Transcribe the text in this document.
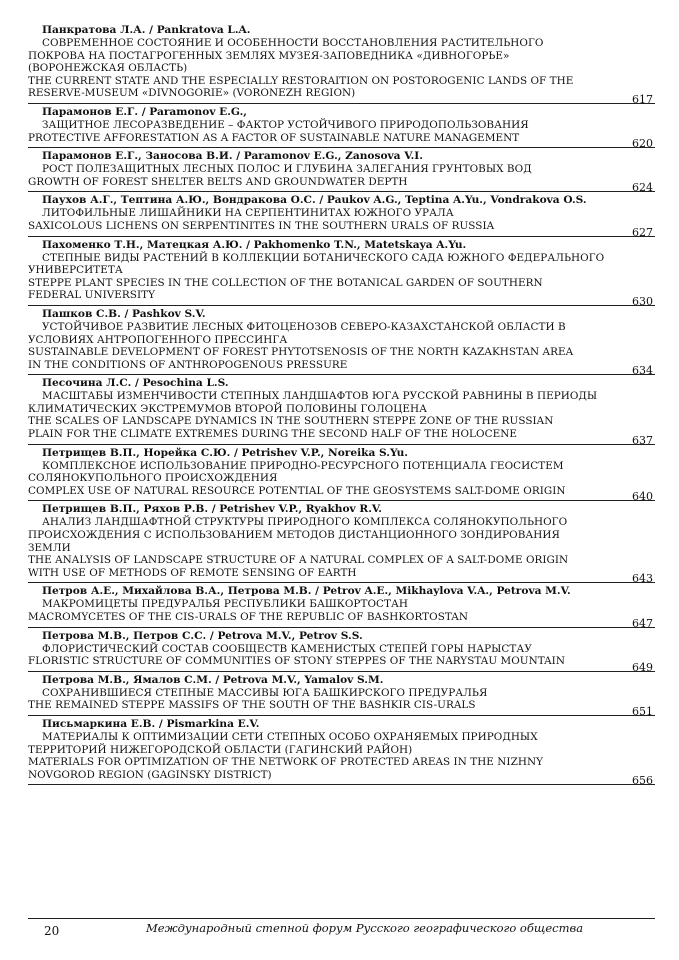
Панкратова Л.А. / Pankratova L.A.
СОВРЕМЕННОЕ СОСТОЯНИЕ И ОСОБЕННОСТИ ВОССТАНОВЛЕНИЯ РАСТИТЕЛЬНОГО
ПОКРОВА НА ПОСТАГРОГЕННЫХ ЗЕМЛЯХ МУЗЕЯ-ЗАПОВЕДНИКА «ДИВНОГОРЬЕ»
(ВОРОНЕЖСКАЯ ОБЛАСТЬ)
THE CURRENT STATE AND THE ESPECIALLY RESTORAITION ON POSTOROGENIC LANDS OF THE
RESERVE-MUSEUM «DIVNOGORIE» (VORONEZH REGION)	617
Парамонов Е.Г. / Paramonov E.G.,
ЗАЩИТНОЕ ЛЕСОРАЗВЕДЕНИЕ – ФАКТОР УСТОЙЧИВОГО ПРИРОДОПОЛЬЗОВАНИЯ
PROTECTIVE AFFORESTATION AS A FACTOR OF SUSTAINABLE NATURE MANAGEMENT	620
Парамонов Е.Г., Заносова В.И. / Paramonov E.G., Zanosova V.I.
РОСТ ПОЛЕЗАЩИТНЫХ ЛЕСНЫХ ПОЛОС И ГЛУБИНА ЗАЛЕГАНИЯ ГРУНТОВЫХ ВОД
GROWTH OF FOREST SHELTER BELTS AND GROUNDWATER DEPTH	624
Паухов А.Г., Тептина А.Ю., Вондракова О.С. / Paukov A.G., Teptina A.Yu., Vondrakova O.S.
ЛИТОФИЛЬНЫЕ ЛИШАЙНИКИ НА СЕРПЕНТИНИТАХ ЮЖНОГО УРАЛА
SAXICOLOUS LICHENS ON SERPENTINITES IN THE SOUTHERN URALS OF RUSSIA	627
Пахоменко Т.Н., Матецкая А.Ю. / Pakhomenko T.N., Matetskaya A.Yu.
СТЕПНЫЕ ВИДЫ РАСТЕНИЙ В КОЛЛЕКЦИИ БОТАНИЧЕСКОГО САДА ЮЖНОГО ФЕДЕРАЛЬНОГО
УНИВЕРСИТЕТА
STEPPE PLANT SPECIES IN THE COLLECTION OF THE BOTANICAL GARDEN OF SOUTHERN
FEDERAL UNIVERSITY	630
Пашков С.В. / Pashkov S.V.
УСТОЙЧИВОЕ РАЗВИТИЕ ЛЕСНЫХ ФИТОЦЕНОЗОВ СЕВЕРО-КАЗАХСТАНСКОЙ ОБЛАСТИ В
УСЛОВИЯХ АНТРОПОГЕННОГО ПРЕССИНГА
SUSTAINABLE DEVELOPMENT OF FOREST PHYTOTSENOSIS OF THE NORTH KAZAKHSTAN AREA
IN THE CONDITIONS OF ANTHROPOGENOUS PRESSURE	634
Песочина Л.С. / Pesochina L.S.
МАСШТАБЫ ИЗМЕНЧИВОСТИ СТЕПНЫХ ЛАНДШАФТОВ ЮГА РУССКОЙ РАВНИНЫ В ПЕРИОДЫ
КЛИМАТИЧЕСКИХ ЭКСТРЕМУМОВ ВТОРОЙ ПОЛОВИНЫ ГОЛОЦЕНА
THE SCALES OF LANDSCAPE DYNAMICS IN THE SOUTHERN STEPPE ZONE OF THE RUSSIAN
PLAIN FOR THE CLIMATE EXTREMES DURING THE SECOND HALF OF THE HOLOCENE	637
Петрищев В.П., Норейка С.Ю. / Petrishev V.P., Noreika S.Yu.
КОМПЛЕКСНОЕ ИСПОЛЬЗОВАНИЕ ПРИРОДНО-РЕСУРСНОГО ПОТЕНЦИАЛА ГЕОСИСТЕМ
СОЛЯНОКУПОЛЬНОГО ПРОИСХОЖДЕНИЯ
COMPLEX USE OF NATURAL RESOURCE POTENTIAL OF THE GEOSYSTEMS SALT-DOME ORIGIN	640
Петрищев В.П., Ряхов Р.В. / Petrishev V.P., Ryakhov R.V.
АНАЛИЗ ЛАНДШАФТНОЙ СТРУКТУРЫ ПРИРОДНОГО КОМПЛЕКСА СОЛЯНОКУПОЛЬНОГО
ПРОИСХОЖДЕНИЯ С ИСПОЛЬЗОВАНИЕМ МЕТОДОВ ДИСТАНЦИОННОГО ЗОНДИРОВАНИЯ
ЗЕМЛИ
THE ANALYSIS OF LANDSCAPE STRUCTURE OF A NATURAL COMPLEX OF A SALT-DOME ORIGIN
WITH USE OF METHODS OF REMOTE SENSING OF EARTH	643
Петров А.Е., Михайлова В.А., Петрова М.В. / Petrov A.E., Mikhaylova V.A., Petrova M.V.
МАКРОМИЦЕТЫ ПРЕДУРАЛЬЯ РЕСПУБЛИКИ БАШКОРТОСТАН
MACROMYCETES OF THE CIS-URALS OF THE REPUBLIC OF BASHKORTOSTAN	647
Петрова М.В., Петров С.С. / Petrova M.V., Petrov S.S.
ФЛОРИСТИЧЕСКИЙ СОСТАВ СООБЩЕСТВ КАМЕНИСТЫХ СТЕПЕЙ ГОРЫ НАРЫСТАУ
FLORISTIC STRUCTURE OF COMMUNITIES OF STONY STEPPES OF THE NARYSTAU MOUNTAIN	649
Петрова М.В., Ямалов С.М. / Petrova M.V., Yamalov S.M.
СОХРАНИВШИЕСЯ СТЕПНЫЕ МАССИВЫ ЮГА БАШКИРСКОГО ПРЕДУРАЛЬЯ
THE REMAINED STEPPE MASSIFS OF THE SOUTH OF THE BASHKIR CIS-URALS	651
Письмаркина Е.В. / Pismarkina E.V.
МАТЕРИАЛЫ К ОПТИМИЗАЦИИ СЕТИ СТЕПНЫХ ОСОБО ОХРАНЯЕМЫХ ПРИРОДНЫХ
ТЕРРИТОРИЙ НИЖЕГОРОДСКОЙ ОБЛАСТИ (ГАГИНСКИЙ РАЙОН)
MATERIALS FOR OPTIMIZATION OF THE NETWORK OF PROTECTED AREAS IN THE NIZHNY
NOVGOROD REGION (GAGINSKY DISTRICT)	656
20	Международный степной форум Русского географического общества
